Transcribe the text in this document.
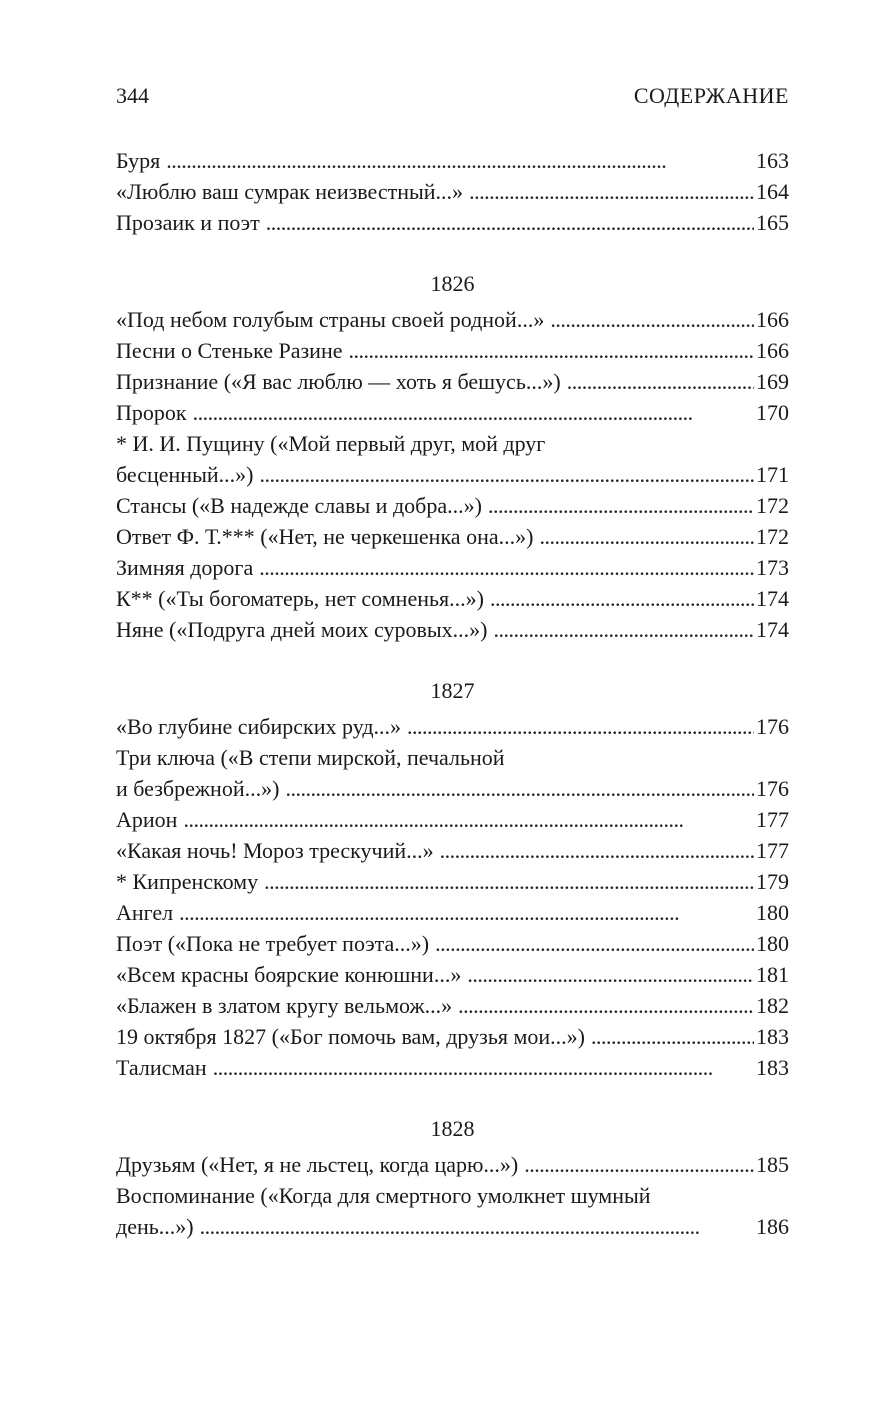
344	СОДЕРЖАНИЕ
Буря . . .	163
«Люблю ваш сумрак неизвестный...» . . .	164
Прозаик и поэт . . .	165
1826
«Под небом голубым страны своей родной...» . . .	166
Песни о Стеньке Разине . . .	166
Признание («Я вас люблю — хоть я бешусь...») . . .	169
Пророк . . .	170
* И. И. Пущину («Мой первый друг, мой друг
бесценный...») . . .	171
Стансы («В надежде славы и добра...») . . .	172
Ответ Ф. Т.*** («Нет, не черкешенка она...») . . .	172
Зимняя дорога . . .	173
К** («Ты богоматерь, нет сомненья...») . . .	174
Няне («Подруга дней моих суровых...») . . .	174
1827
«Во глубине сибирских руд...» . . .	176
Три ключа («В степи мирской, печальной
и безбрежной...») . . .	176
Арион . . .	177
«Какая ночь! Мороз трескучий...» . . .	177
* Кипренскому . . .	179
Ангел . . .	180
Поэт («Пока не требует поэта...») . . .	180
«Всем красны боярские конюшни...» . . .	181
«Блажен в златом кругу вельмож...» . . .	182
19 октября 1827 («Бог помочь вам, друзья мои...») . . .	183
Талисман . . .	183
1828
Друзьям («Нет, я не льстец, когда царю...») . . .	185
Воспоминание («Когда для смертного умолкнет шумный
день...») . . .	186
